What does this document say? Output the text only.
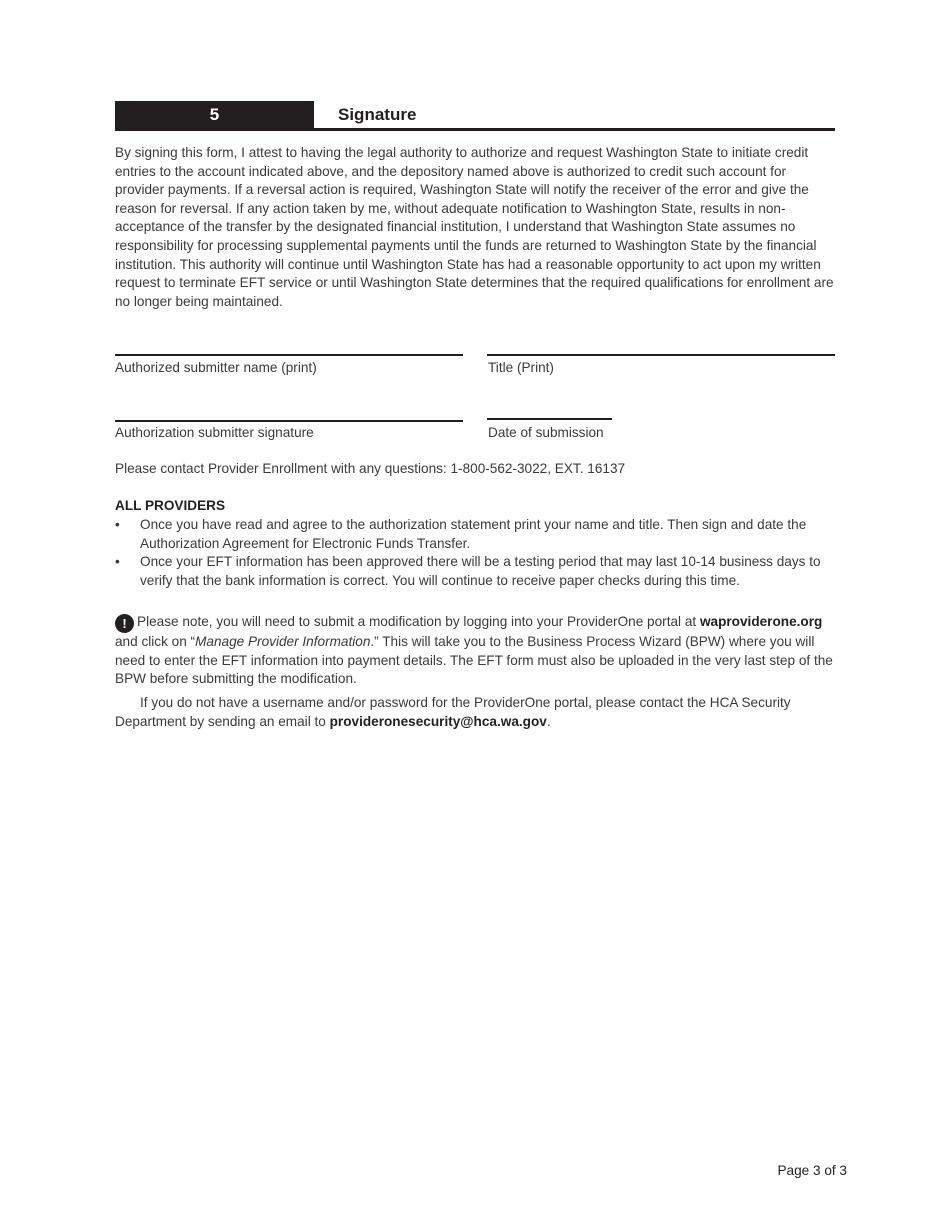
5	Signature

By signing this form, I attest to having the legal authority to authorize and request Washington State to initiate credit entries to the account indicated above, and the depository named above is authorized to credit such account for provider payments. If a reversal action is required, Washington State will notify the receiver of the error and give the reason for reversal. If any action taken by me, without adequate notification to Washington State, results in non-acceptance of the transfer by the designated financial institution, I understand that Washington State assumes no responsibility for processing supplemental payments until the funds are returned to Washington State by the financial institution. This authority will continue until Washington State has had a reasonable opportunity to act upon my written request to terminate EFT service or until Washington State determines that the required qualifications for enrollment are no longer being maintained.

Authorized submitter name (print)	Title (Print)
Authorization submitter signature	Date of submission
Please contact Provider Enrollment with any questions: 1-800-562-3022, EXT. 16137
ALL PROVIDERS
• Once you have read and agree to the authorization statement print your name and title. Then sign and date the Authorization Agreement for Electronic Funds Transfer.
• Once your EFT information has been approved there will be a testing period that may last 10-14 business days to verify that the bank information is correct. You will continue to receive paper checks during this time.
! Please note, you will need to submit a modification by logging into your ProviderOne portal at waproviderone.org and click on “Manage Provider Information.” This will take you to the Business Process Wizard (BPW) where you will need to enter the EFT information into payment details. The EFT form must also be uploaded in the very last step of the BPW before submitting the modification.
If you do not have a username and/or password for the ProviderOne portal, please contact the HCA Security Department by sending an email to provideronesecurity@hca.wa.gov.
Page 3 of 3
